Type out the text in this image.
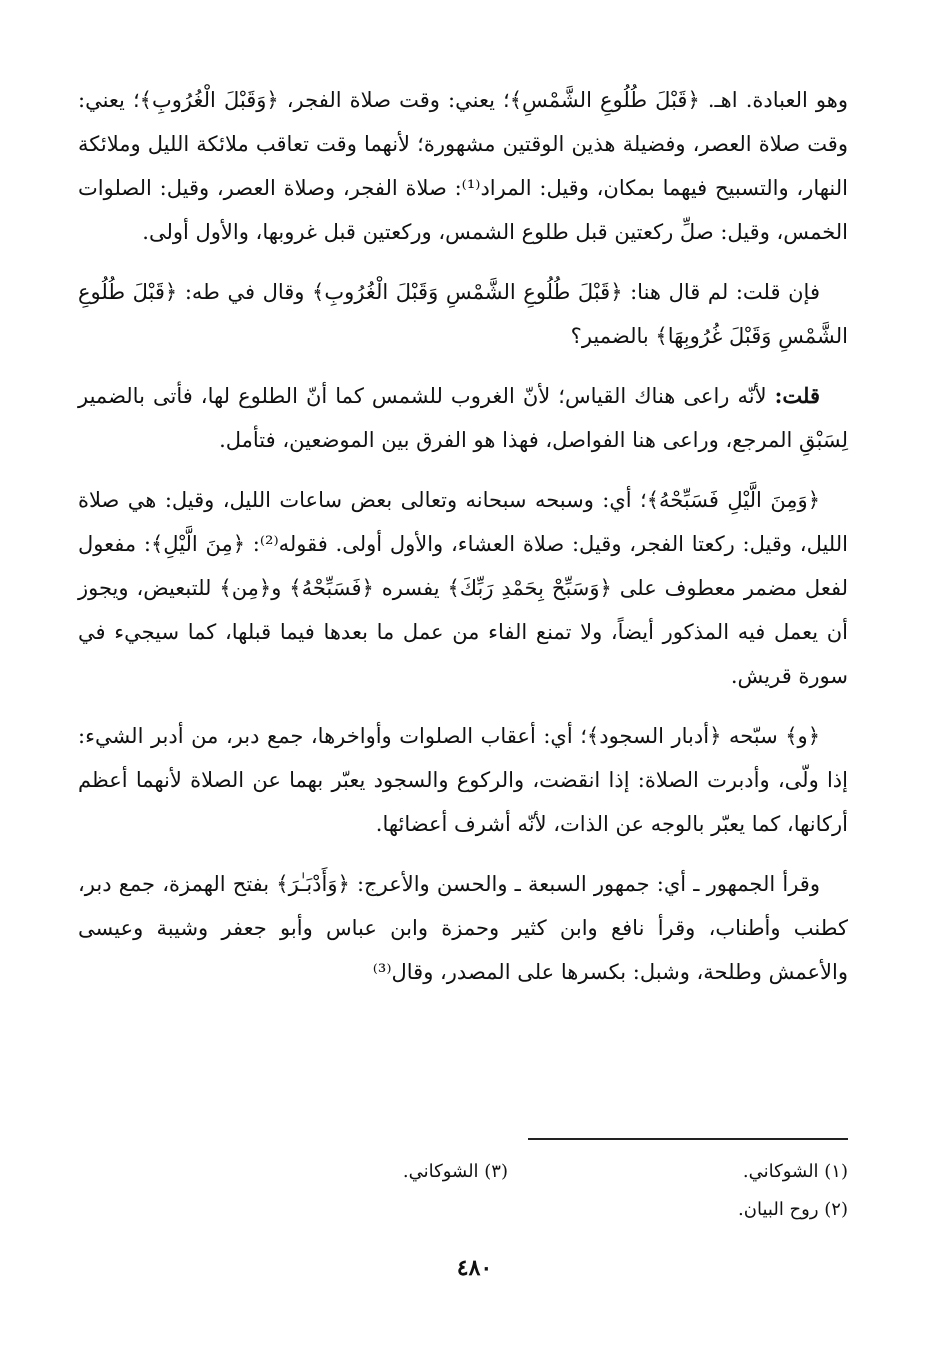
وهو العبادة. اهـ. ﴿قَبْلَ طُلُوعِ الشَّمْسِ﴾؛ يعني: وقت صلاة الفجر، ﴿وَقَبْلَ الْغُرُوبِ﴾؛ يعني: وقت صلاة العصر، وفضيلة هذين الوقتين مشهورة؛ لأنهما وقت تعاقب ملائكة الليل وملائكة النهار، والتسبيح فيهما بمكان، وقيل: المراد⁽¹⁾: صلاة الفجر، وصلاة العصر، وقيل: الصلوات الخمس، وقيل: صلِّ ركعتين قبل طلوع الشمس، وركعتين قبل غروبها، والأول أولى.

فإن قلت: لم قال هنا: ﴿قَبْلَ طُلُوعِ الشَّمْسِ وَقَبْلَ الْغُرُوبِ﴾ وقال في طه: ﴿قَبْلَ طُلُوعِ الشَّمْسِ وَقَبْلَ غُرُوبِهَا﴾ بالضمير؟

قلت: لأنّه راعى هناك القياس؛ لأنّ الغروب للشمس كما أنّ الطلوع لها، فأتى بالضمير لِسَبْقِ المرجع، وراعى هنا الفواصل، فهذا هو الفرق بين الموضعين، فتأمل.

﴿وَمِنَ الَّيْلِ فَسَبِّحْهُ﴾؛ أي: وسبحه سبحانه وتعالى بعض ساعات الليل، وقيل: هي صلاة الليل، وقيل: ركعتا الفجر، وقيل: صلاة العشاء، والأول أولى. فقوله⁽²⁾: ﴿مِنَ الَّيْلِ﴾: مفعول لفعل مضمر معطوف على ﴿وَسَبِّحْ بِحَمْدِ رَبِّكَ﴾ يفسره ﴿فَسَبِّحْهُ﴾ و﴿مِن﴾ للتبعيض، ويجوز أن يعمل فيه المذكور أيضاً، ولا تمنع الفاء من عمل ما بعدها فيما قبلها، كما سيجيء في سورة قريش.

﴿و﴾ سبّحه ﴿أدبار السجود﴾؛ أي: أعقاب الصلوات وأواخرها، جمع دبر، من أدبر الشيء: إذا ولّى، وأدبرت الصلاة: إذا انقضت، والركوع والسجود يعبّر بهما عن الصلاة لأنهما أعظم أركانها، كما يعبّر بالوجه عن الذات، لأنّه أشرف أعضائها.

وقرأ الجمهور ـ أي: جمهور السبعة ـ والحسن والأعرج: ﴿وَأَدْبَـٰرَ﴾ بفتح الهمزة، جمع دبر، كطنب وأطناب، وقرأ نافع وابن كثير وحمزة وابن عباس وأبو جعفر وشيبة وعيسى والأعمش وطلحة، وشبل: بكسرها على المصدر، وقال⁽³⁾

(١) الشوكاني.
(٣) الشوكاني.
(٢) روح البيان.
٤٨٠
